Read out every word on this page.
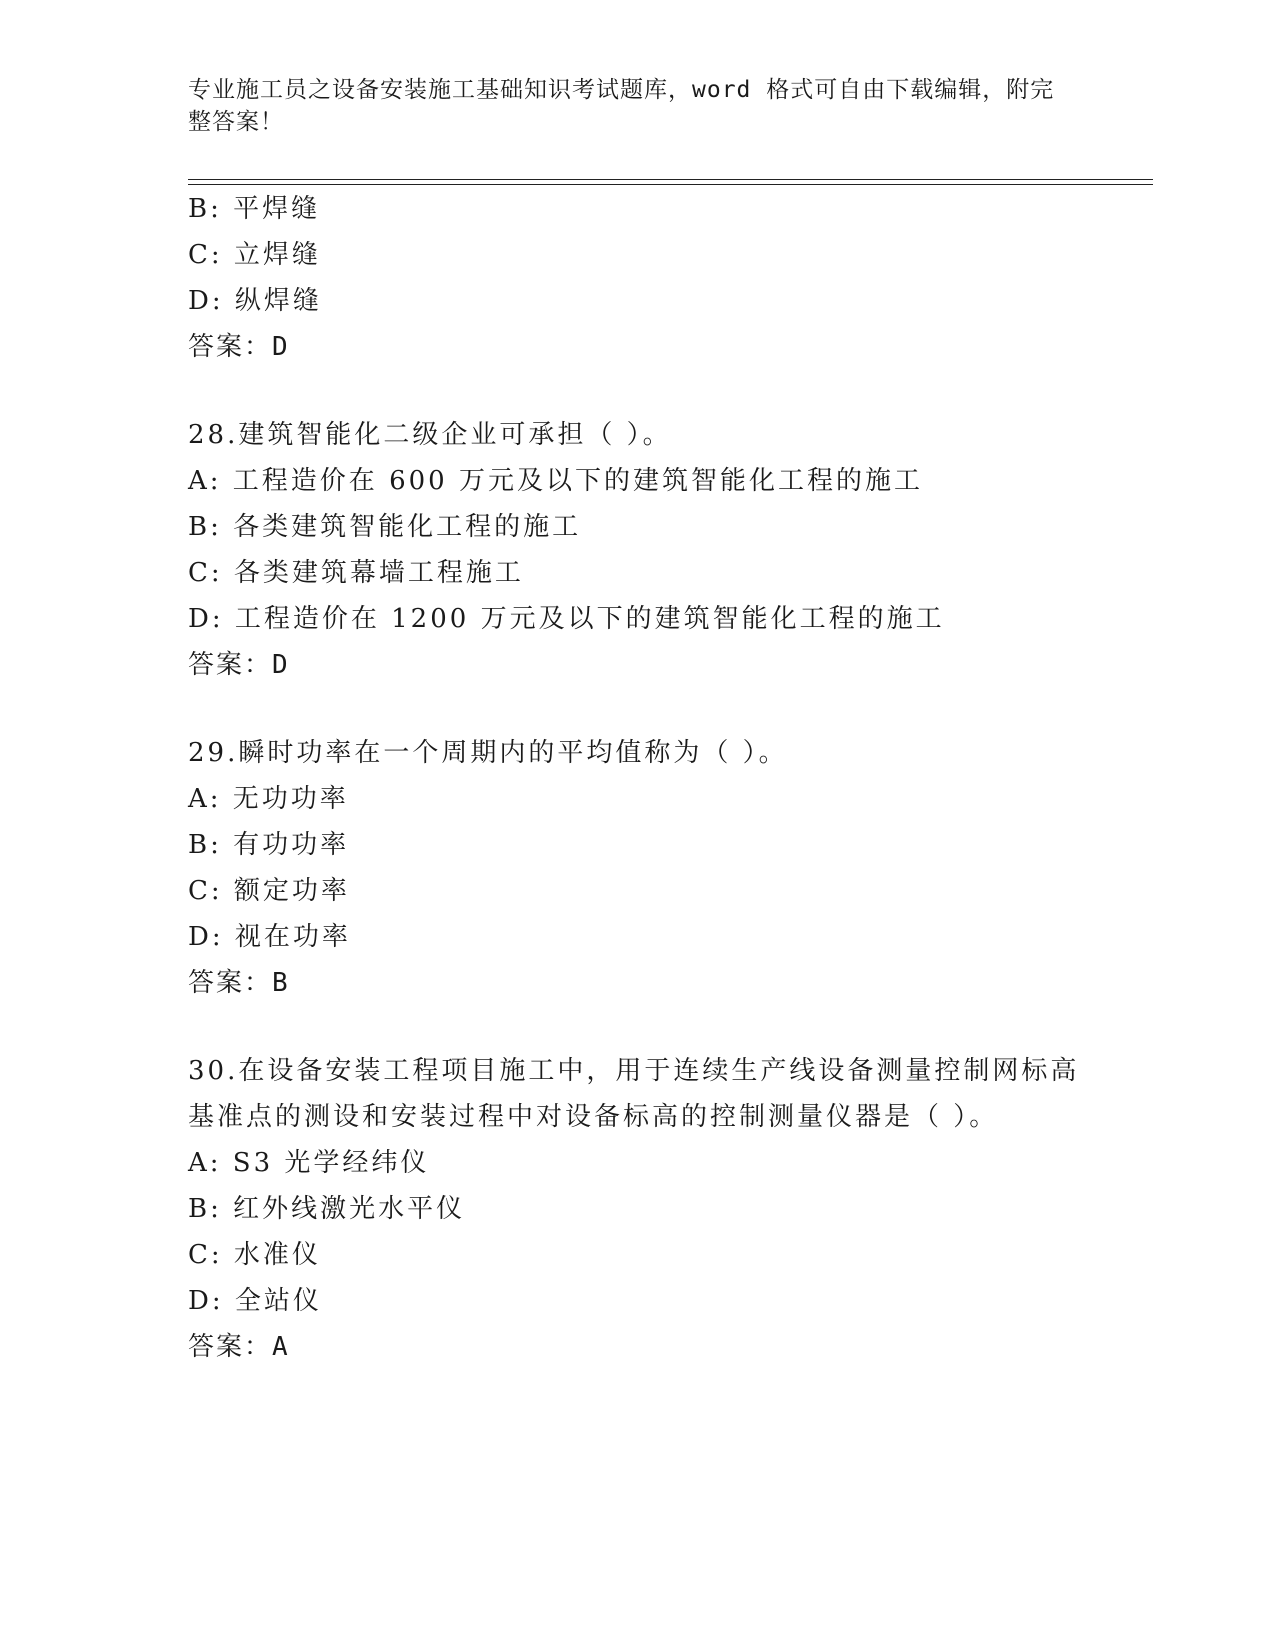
专业施工员之设备安装施工基础知识考试题库，word 格式可自由下载编辑，附完
整答案！
B: 平焊缝
C: 立焊缝
D: 纵焊缝
答案：D
28.建筑智能化二级企业可承担（ ）。
A: 工程造价在 600 万元及以下的建筑智能化工程的施工
B: 各类建筑智能化工程的施工
C: 各类建筑幕墙工程施工
D: 工程造价在 1200 万元及以下的建筑智能化工程的施工
答案：D
29.瞬时功率在一个周期内的平均值称为（ ）。
A: 无功功率
B: 有功功率
C: 额定功率
D: 视在功率
答案：B
30.在设备安装工程项目施工中，用于连续生产线设备测量控制网标高
基准点的测设和安装过程中对设备标高的控制测量仪器是（ ）。
A: S3 光学经纬仪
B: 红外线激光水平仪
C: 水准仪
D: 全站仪
答案：A
